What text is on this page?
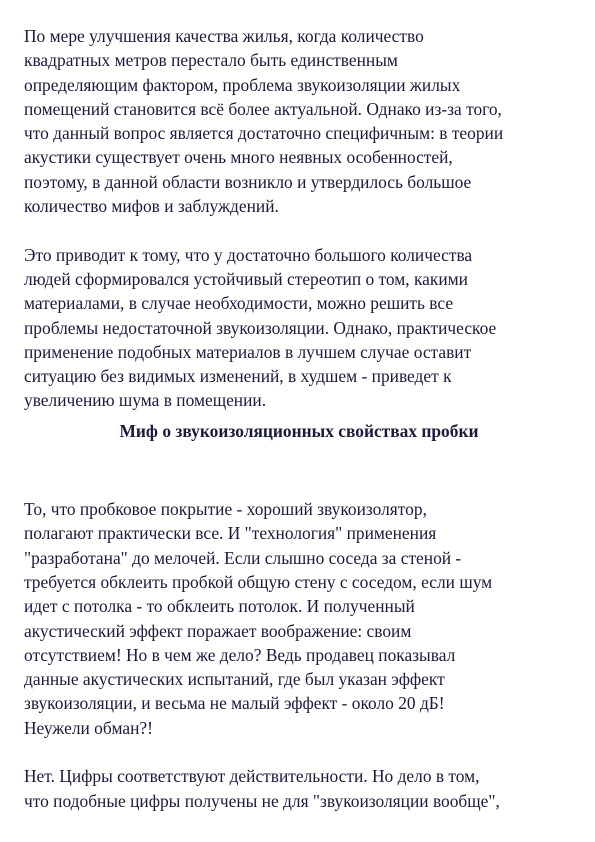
По мере улучшения качества жилья, когда количество
квадратных метров перестало быть единственным
определяющим фактором, проблема звукоизоляции жилых
помещений становится всё более актуальной. Однако из-за того,
что данный вопрос является достаточно специфичным: в теории
акустики существует очень много неявных особенностей,
поэтому, в данной области возникло и утвердилось большое
количество мифов и заблуждений.
Это приводит к тому, что у достаточно большого количества
людей сформировался устойчивый стереотип о том, какими
материалами, в случае необходимости, можно решить все
проблемы недостаточной звукоизоляции. Однако, практическое
применение подобных материалов в лучшем случае оставит
ситуацию без видимых изменений, в худшем - приведет к
увеличению шума в помещении.
Миф о звукоизоляционных свойствах пробки
То, что пробковое покрытие - хороший звукоизолятор,
полагают практически все. И "технология" применения
"разработана" до мелочей. Если слышно соседа за стеной -
требуется обклеить пробкой общую стену с соседом, если шум
идет с потолка - то обклеить потолок. И полученный
акустический эффект поражает воображение: своим
отсутствием! Но в чем же дело? Ведь продавец показывал
данные акустических испытаний, где был указан эффект
звукоизоляции, и весьма не малый эффект - около 20 дБ!
Неужели обман?!
Нет. Цифры соответствуют действительности. Но дело в том,
что подобные цифры получены не для "звукоизоляции вообще",
